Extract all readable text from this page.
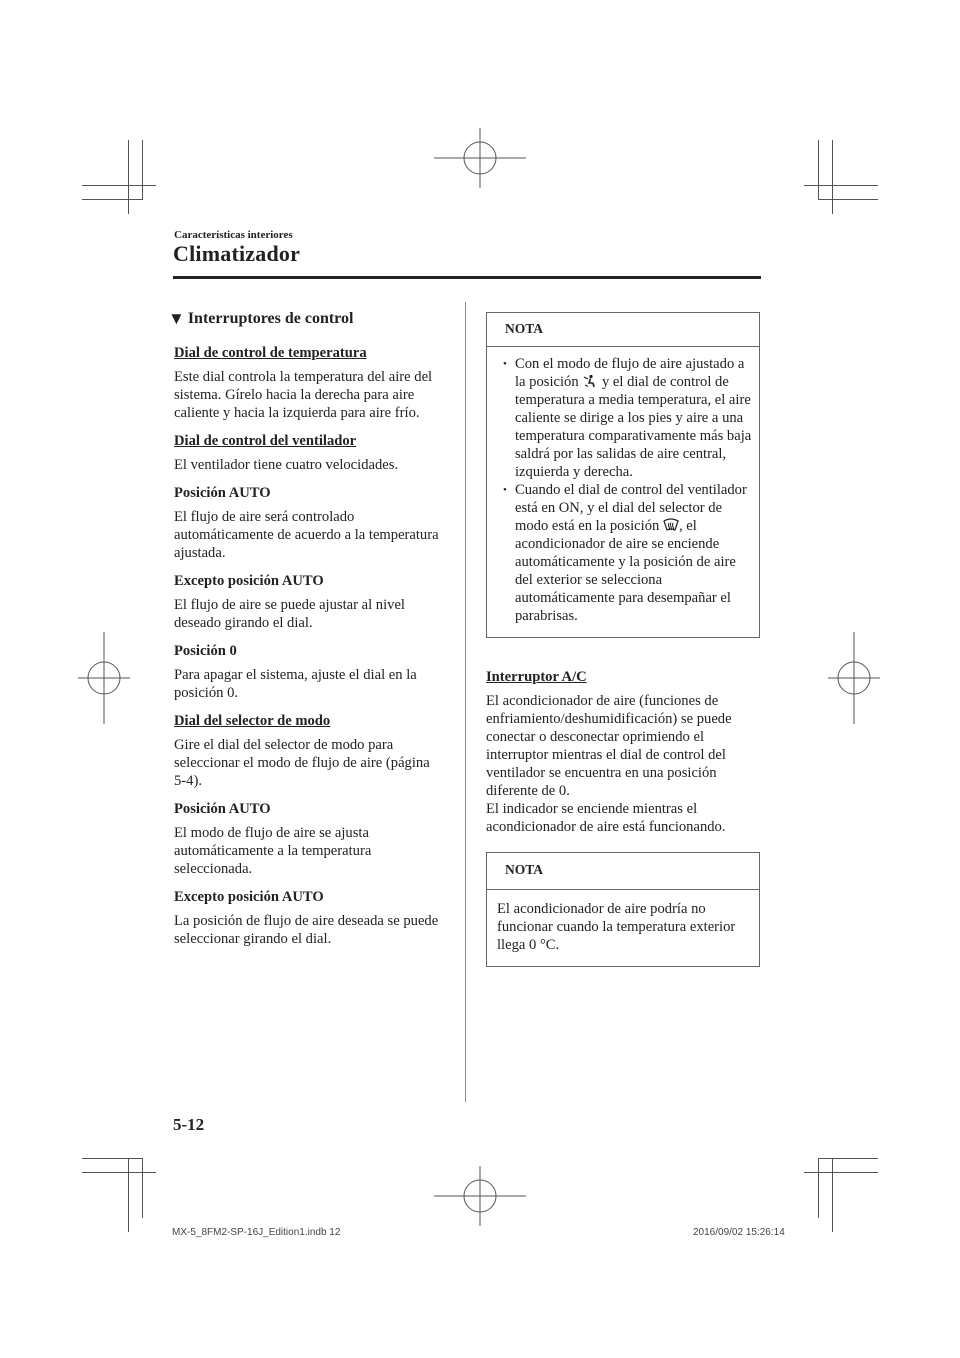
Características interiores
Climatizador
▼ Interruptores de control
Dial de control de temperatura
Este dial controla la temperatura del aire del sistema. Gírelo hacia la derecha para aire caliente y hacia la izquierda para aire frío.
Dial de control del ventilador
El ventilador tiene cuatro velocidades.
Posición AUTO
El flujo de aire será controlado automáticamente de acuerdo a la temperatura ajustada.
Excepto posición AUTO
El flujo de aire se puede ajustar al nivel deseado girando el dial.
Posición 0
Para apagar el sistema, ajuste el dial en la posición 0.
Dial del selector de modo
Gire el dial del selector de modo para seleccionar el modo de flujo de aire (página 5-4).
Posición AUTO
El modo de flujo de aire se ajusta automáticamente a la temperatura seleccionada.
Excepto posición AUTO
La posición de flujo de aire deseada se puede seleccionar girando el dial.
NOTA
• Con el modo de flujo de aire ajustado a la posición y el dial de control de temperatura a media temperatura, el aire caliente se dirige a los pies y aire a una temperatura comparativamente más baja saldrá por las salidas de aire central, izquierda y derecha.
• Cuando el dial de control del ventilador está en ON, y el dial del selector de modo está en la posición , el acondicionador de aire se enciende automáticamente y la posición de aire del exterior se selecciona automáticamente para desempañar el parabrisas.
Interruptor A/C
El acondicionador de aire (funciones de enfriamiento/deshumidificación) se puede conectar o desconectar oprimiendo el interruptor mientras el dial de control del ventilador se encuentra en una posición diferente de 0.
El indicador se enciende mientras el acondicionador de aire está funcionando.
NOTA
El acondicionador de aire podría no funcionar cuando la temperatura exterior llega 0 °C.
5-12
MX-5_8FM2-SP-16J_Edition1.indb 12	2016/09/02 15:26:14
